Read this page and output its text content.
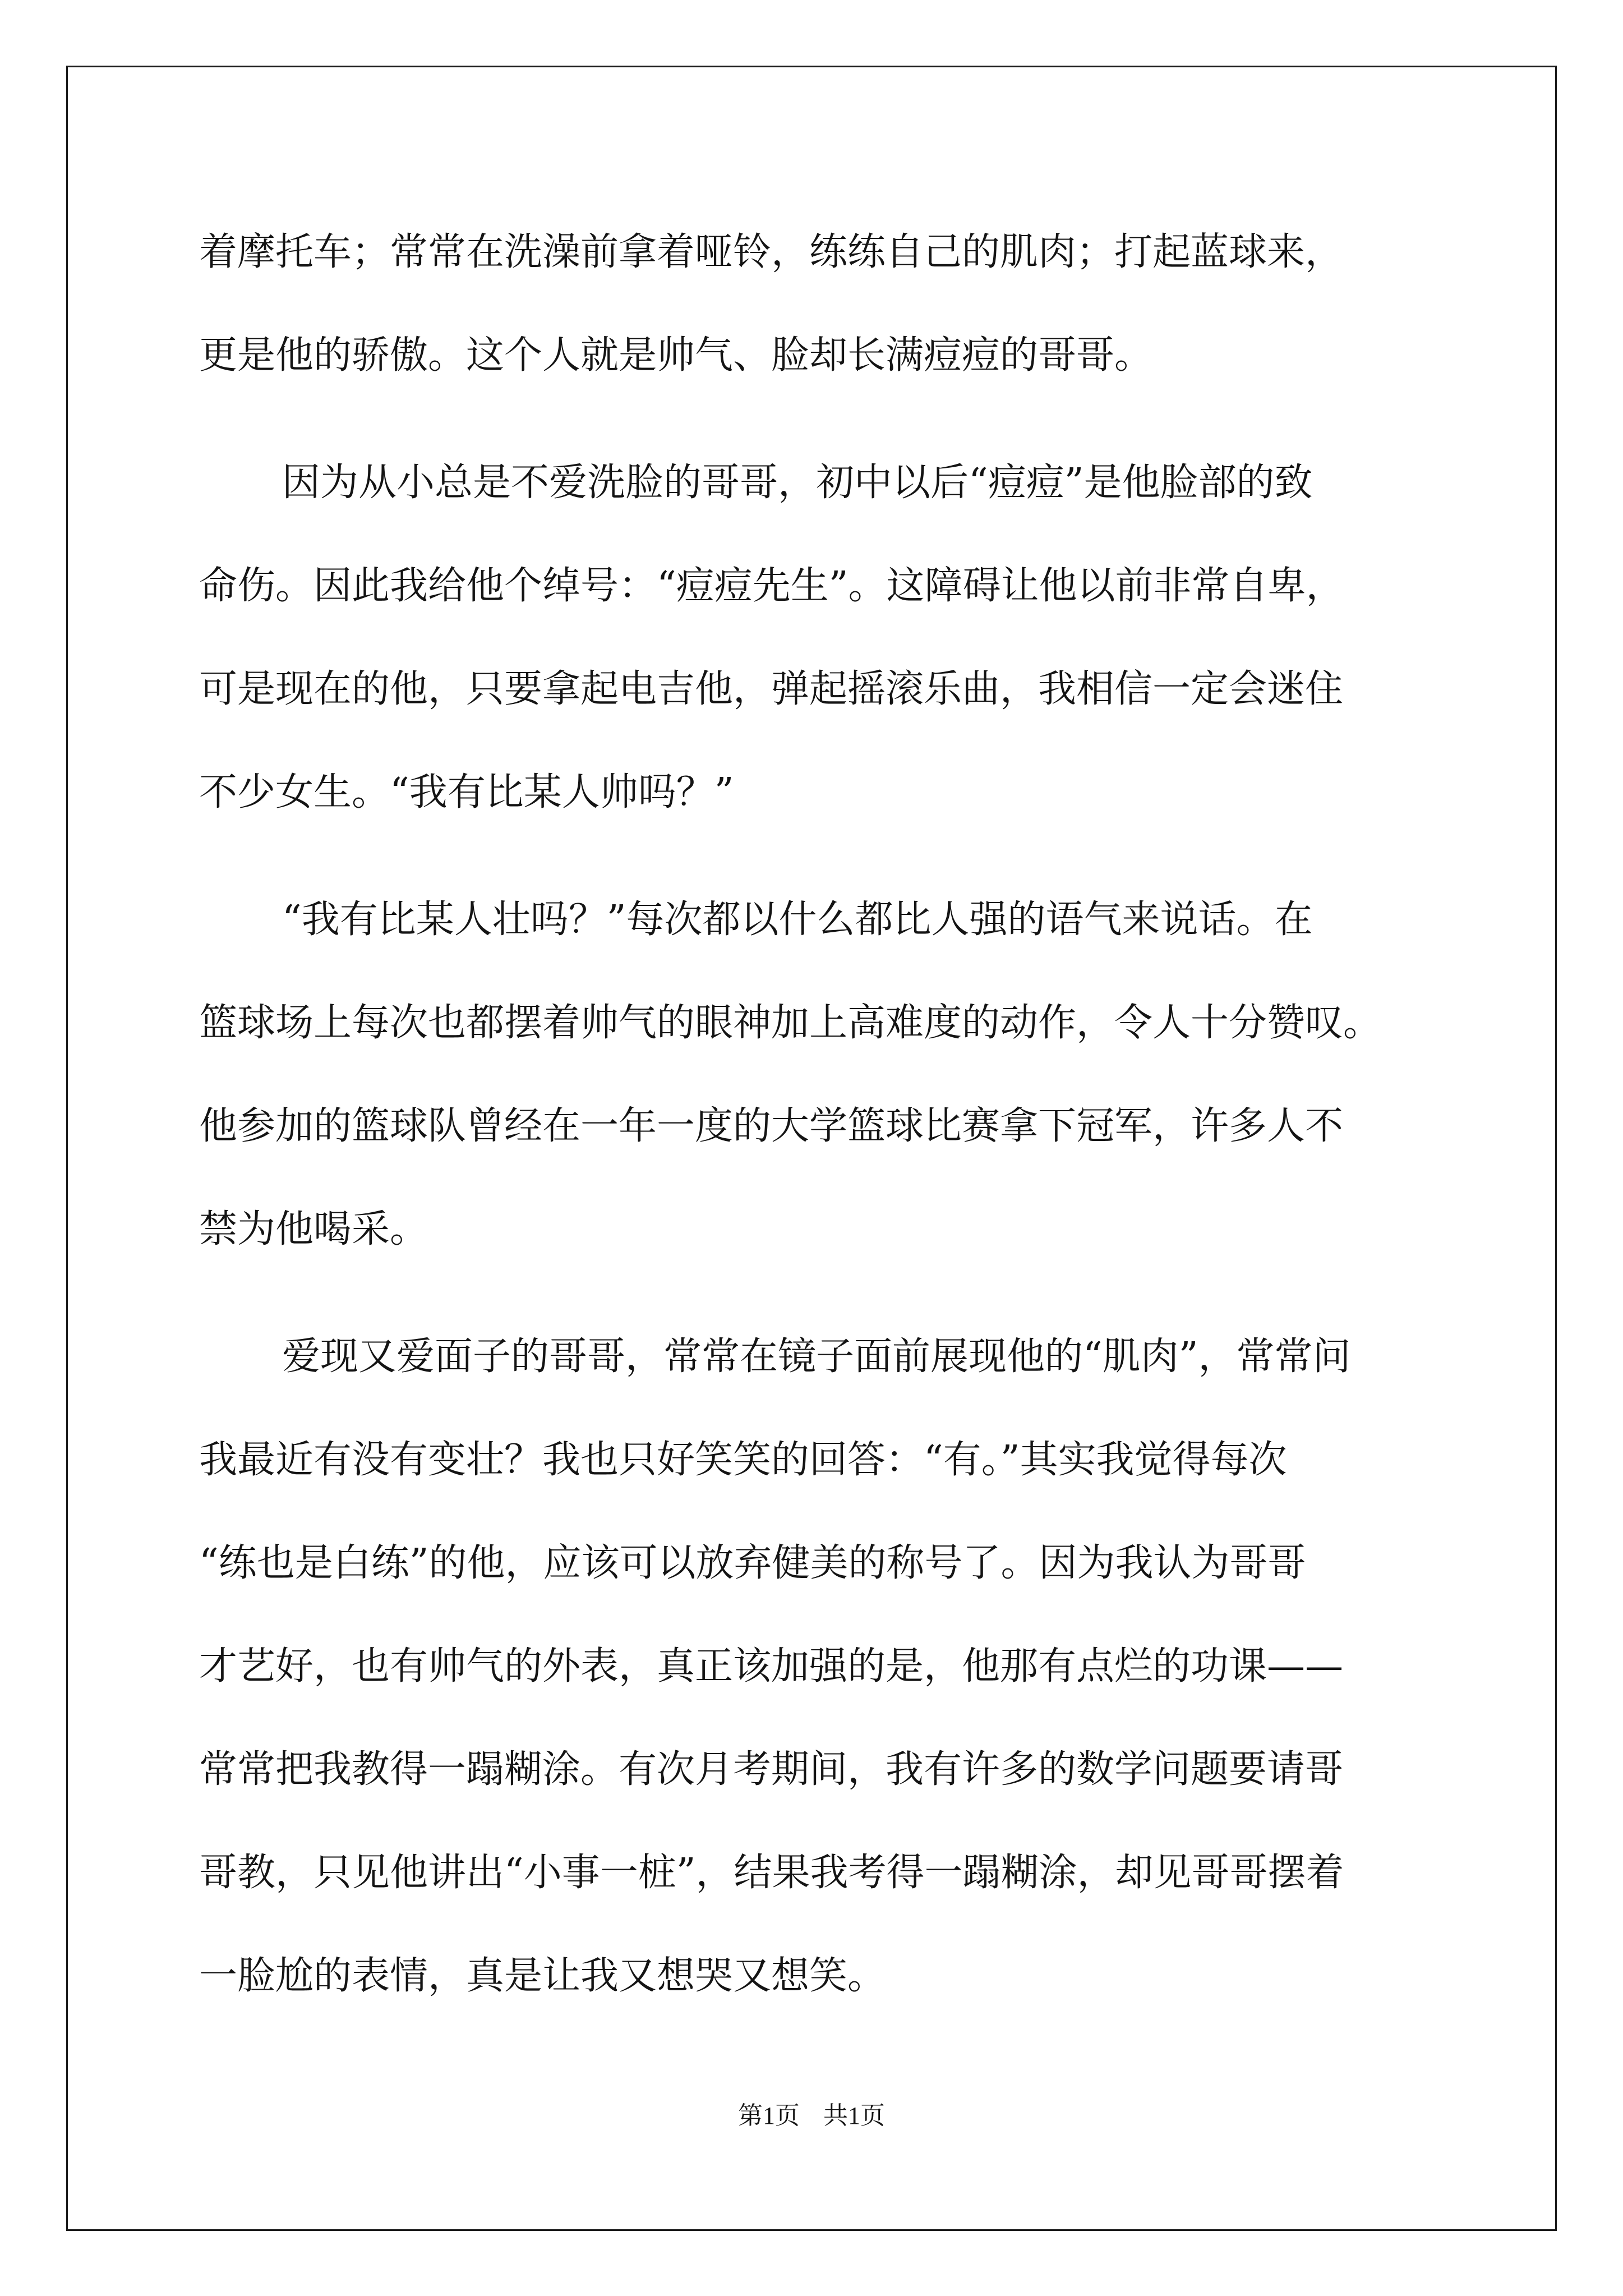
着摩托车；常常在洗澡前拿着哑铃，练练自己的肌肉；打起蓝球来，
更是他的骄傲。这个人就是帅气、脸却长满痘痘的哥哥。
因为从小总是不爱洗脸的哥哥，初中以后“痘痘”是他脸部的致
命伤。因此我给他个绰号：“痘痘先生”。这障碍让他以前非常自卑，
可是现在的他，只要拿起电吉他，弹起摇滚乐曲，我相信一定会迷住
不少女生。“我有比某人帅吗？”
“我有比某人壮吗？”每次都以什么都比人强的语气来说话。在
篮球场上每次也都摆着帅气的眼神加上高难度的动作，令人十分赞叹。
他参加的篮球队曾经在一年一度的大学篮球比赛拿下冠军，许多人不
禁为他喝采。
爱现又爱面子的哥哥，常常在镜子面前展现他的“肌肉”，常常问
我最近有没有变壮？我也只好笑笑的回答：“有。”其实我觉得每次
“练也是白练”的他，应该可以放弃健美的称号了。因为我认为哥哥
才艺好，也有帅气的外表，真正该加强的是，他那有点烂的功课——
常常把我教得一蹋糊涂。有次月考期间，我有许多的数学问题要请哥
哥教，只见他讲出“小事一桩”，结果我考得一蹋糊涂，却见哥哥摆着
一脸尬的表情，真是让我又想哭又想笑。
第1页 共1页
